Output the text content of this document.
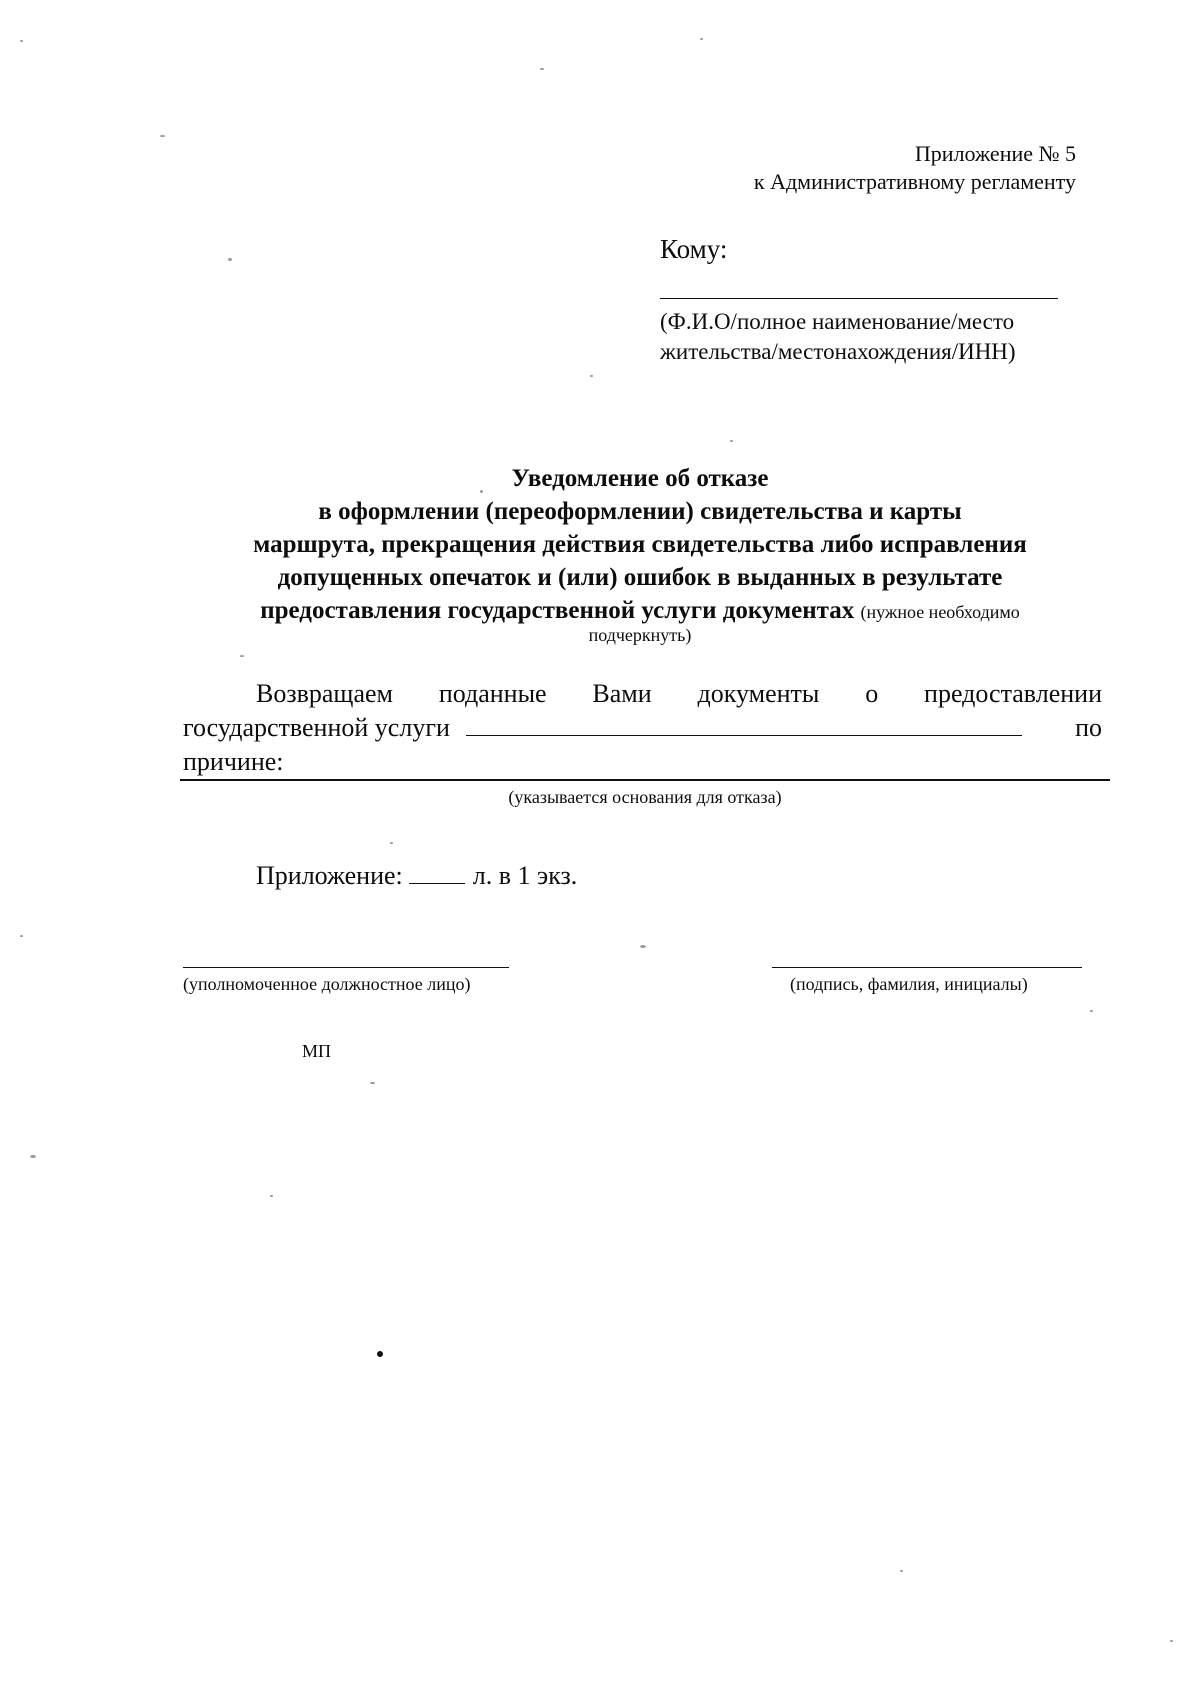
Приложение № 5
к Административному регламенту
Кому:
(Ф.И.О/полное наименование/место
жительства/местонахождения/ИНН)
Уведомление об отказе
в оформлении (переоформлении) свидетельства и карты
маршрута, прекращения действия свидетельства либо исправления
допущенных опечаток и (или) ошибок в выданных в результате
предоставления государственной услуги документах (нужное необходимо
подчеркнуть)
Возвращаем поданные Вами документы о предоставлении
государственной услуги	по
причине:
(указывается основания для отказа)
Приложение:	л. в 1 экз.
(уполномоченное должностное лицо)	(подпись, фамилия, инициалы)
МП
